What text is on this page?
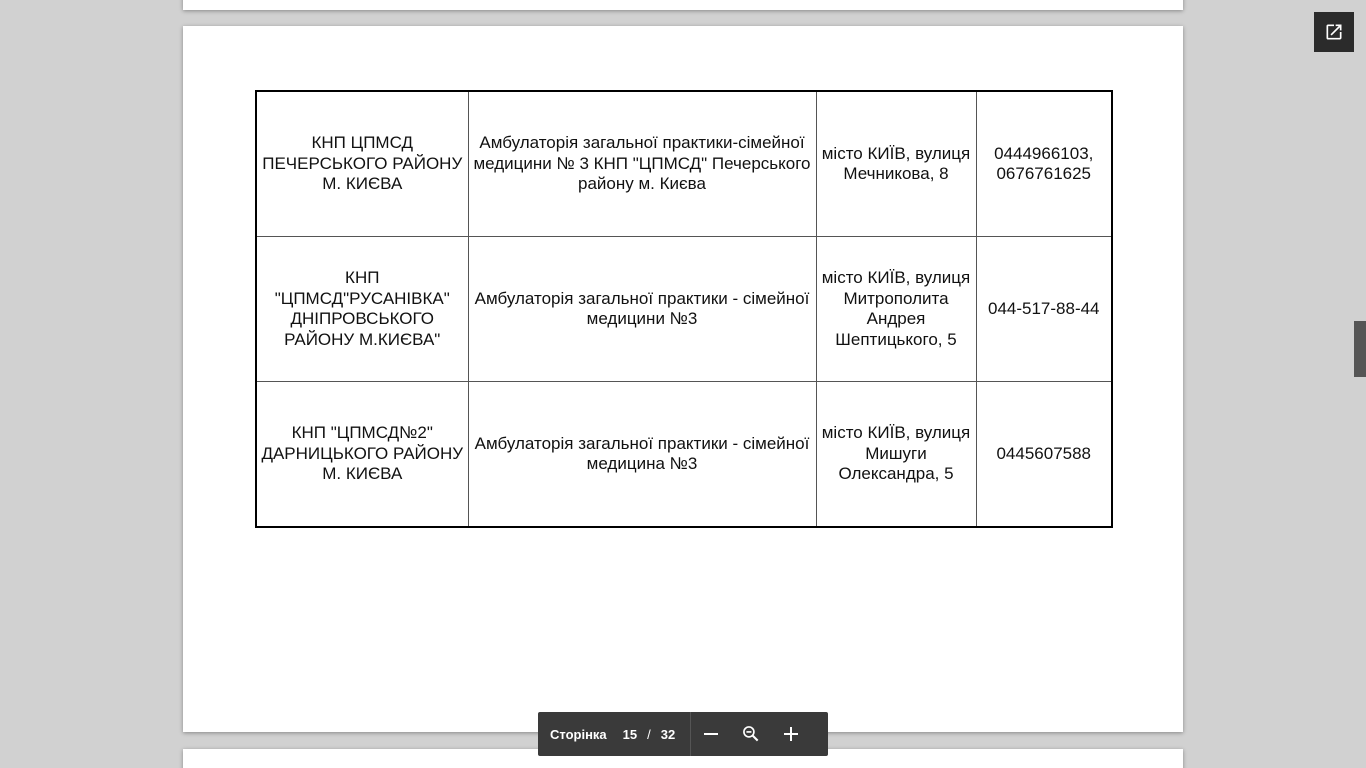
КНП ЦПМСД ПЕЧЕРСЬКОГО РАЙОНУ М. КИЄВА	Амбулаторія загальної практики-сімейної медицини № 3 КНП "ЦПМСД" Печерського району м. Києва	місто КИЇВ, вулиця Мечникова, 8	0444966103, 0676761625
КНП "ЦПМСД"РУСАНІВКА" ДНІПРОВСЬКОГО РАЙОНУ М.КИЄВА"	Амбулаторія загальної практики - сімейної медицини №3	місто КИЇВ, вулиця Митрополита Андрея Шептицького, 5	044-517-88-44
КНП "ЦПМСД№2" ДАРНИЦЬКОГО РАЙОНУ М. КИЄВА	Амбулаторія загальної практики - сімейної медицина №3	місто КИЇВ, вулиця Мишуги Олександра, 5	0445607588
Сторінка 15 / 32
